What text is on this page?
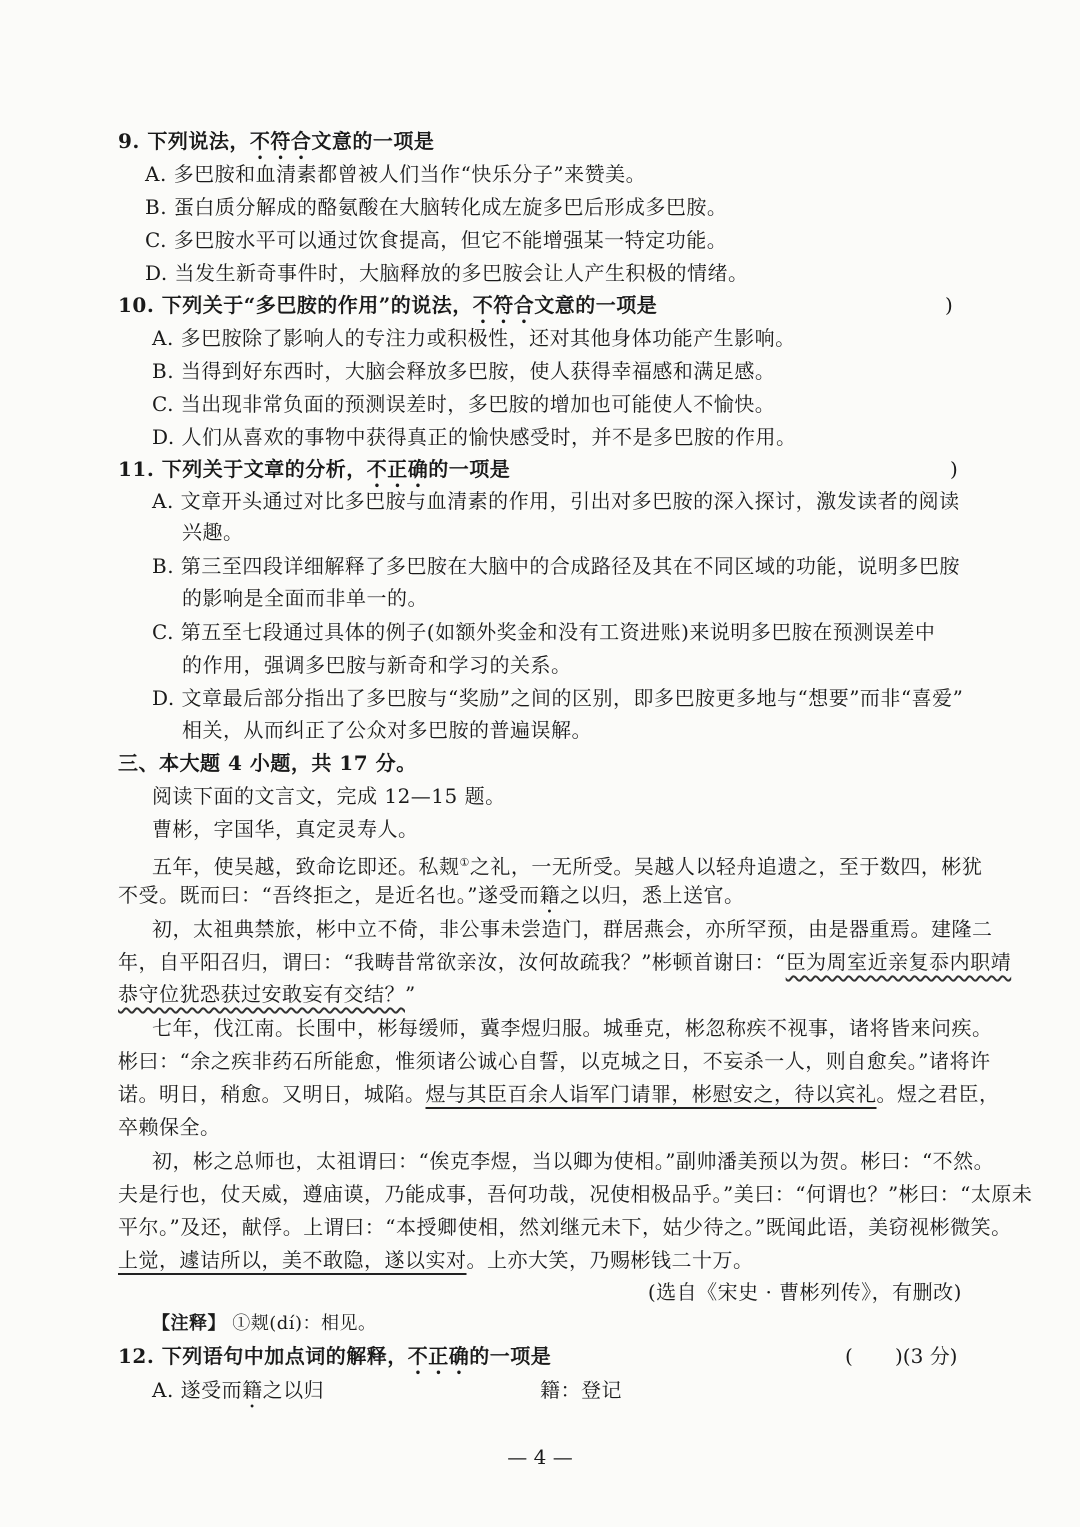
9. 下列说法，不符合文意的一项是
A. 多巴胺和血清素都曾被人们当作“快乐分子”来赞美。
B. 蛋白质分解成的酪氨酸在大脑转化成左旋多巴后形成多巴胺。
C. 多巴胺水平可以通过饮食提高，但它不能增强某一特定功能。
D. 当发生新奇事件时，大脑释放的多巴胺会让人产生积极的情绪。
10. 下列关于“多巴胺的作用”的说法，不符合文意的一项是	)
A. 多巴胺除了影响人的专注力或积极性，还对其他身体功能产生影响。
B. 当得到好东西时，大脑会释放多巴胺，使人获得幸福感和满足感。
C. 当出现非常负面的预测误差时，多巴胺的增加也可能使人不愉快。
D. 人们从喜欢的事物中获得真正的愉快感受时，并不是多巴胺的作用。
11. 下列关于文章的分析，不正确的一项是	)
A. 文章开头通过对比多巴胺与血清素的作用，引出对多巴胺的深入探讨，激发读者的阅读
兴趣。
B. 第三至四段详细解释了多巴胺在大脑中的合成路径及其在不同区域的功能，说明多巴胺
的影响是全面而非单一的。
C. 第五至七段通过具体的例子(如额外奖金和没有工资进账)来说明多巴胺在预测误差中
的作用，强调多巴胺与新奇和学习的关系。
D. 文章最后部分指出了多巴胺与“奖励”之间的区别，即多巴胺更多地与“想要”而非“喜爱”
相关，从而纠正了公众对多巴胺的普遍误解。
三、本大题 4 小题，共 17 分。
阅读下面的文言文，完成 12—15 题。
曹彬，字国华，真定灵寿人。
五年，使吴越，致命讫即还。私觌①之礼，一无所受。吴越人以轻舟追遗之，至于数四，彬犹
不受。既而曰：“吾终拒之，是近名也。”遂受而籍之以归，悉上送官。
初，太祖典禁旅，彬中立不倚，非公事未尝造门，群居燕会，亦所罕预，由是器重焉。建隆二
年，自平阳召归，谓曰：“我畴昔常欲亲汝，汝何故疏我？”彬顿首谢曰：“臣为周室近亲复忝内职靖
恭守位犹恐获过安敢妄有交结？”
七年，伐江南。长围中，彬每缓师，冀李煜归服。城垂克，彬忽称疾不视事，诸将皆来问疾。
彬曰：“余之疾非药石所能愈，惟须诸公诚心自誓，以克城之日，不妄杀一人，则自愈矣。”诸将许
诺。明日，稍愈。又明日，城陷。煜与其臣百余人诣军门请罪，彬慰安之，待以宾礼。煜之君臣，
卒赖保全。
初，彬之总师也，太祖谓曰：“俟克李煜，当以卿为使相。”副帅潘美预以为贺。彬曰：“不然。
夫是行也，仗天威，遵庙谟，乃能成事，吾何功哉，况使相极品乎。”美曰：“何谓也？”彬曰：“太原未
平尔。”及还，献俘。上谓曰：“本授卿使相，然刘继元未下，姑少待之。”既闻此语，美窃视彬微笑。
上觉，遽诘所以，美不敢隐，遂以实对。上亦大笑，乃赐彬钱二十万。
(选自《宋史 · 曹彬列传》，有删改)
【注释】 ①觌(dí)：相见。
12. 下列语句中加点词的解释，不正确的一项是	( )(3 分)
A. 遂受而籍之以归	籍：登记
— 4 —
